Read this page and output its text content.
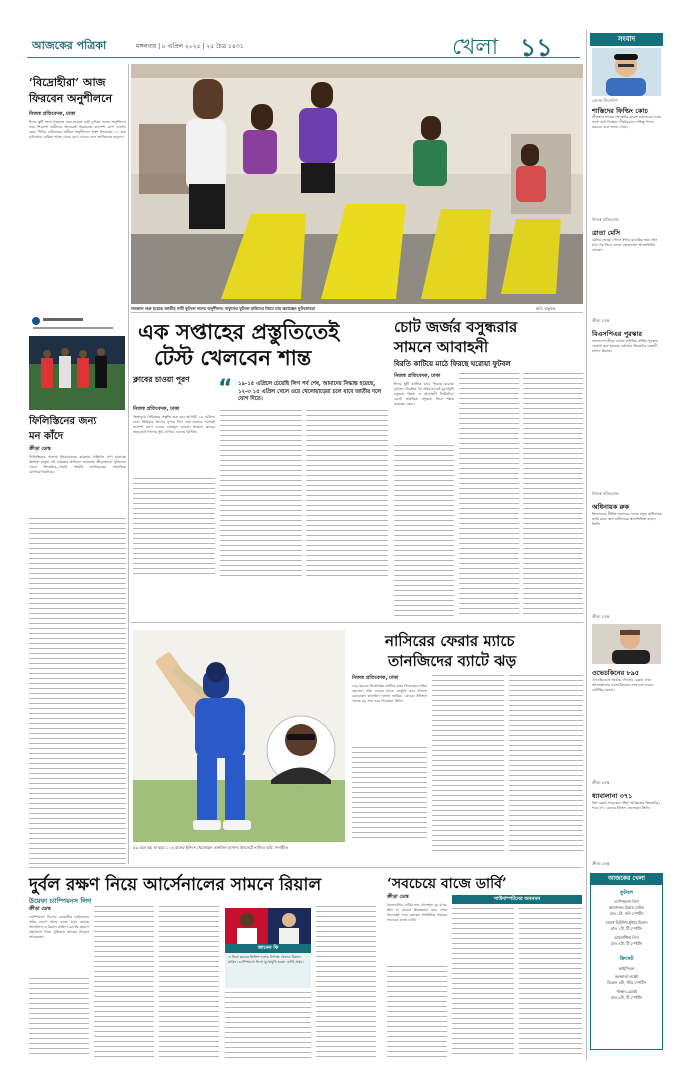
আজকের পত্রিকা	মঙ্গলবার | ৮ এপ্রিল ২০২৫ | ২৫ চৈত্র ১৪৩১	খেলা ১১
‘বিদ্রোহীরা’ আজ
ফিরবেন অনুশীলনে
নিজস্ব প্রতিবেদক, ঢাকা
ঈদের ছুটি শেষে গতকাল শুরু হয়েছে নারী ফুটবল দলের অনুশীলন। তবে শিরোপা জয়ীদের অনেকেই সময়মতো ক্যাম্পে যোগ দেননি। কোচ পিটার বাটলারের অধীনে অনুশীলনে অংশ নিয়েছেন ১৭ জন ফুটবলার। বাকিরা আজ থেকে যোগ দেবেন বলে জানিয়েছে বাফুফে।
গতকাল শুরু হয়েছে জাতীয় নারী ফুটবল দলের অনুশীলন। বাফুফের ফুটবল হাউসের জিমে ঘাম ঝরাচ্ছেন ফুটবলাররা	ছবি: বাফুফে
ফিলিস্তিনের জন্য
মন কাঁদে
ক্রীড়া ডেস্ক
ফিলিস্তিনের গাজায় ইসরায়েলের হামলায় প্রতিদিন প্রাণ হারাচ্ছে অসংখ্য মানুষ। এই বর্বরতার প্রতিবাদ জানাচ্ছে ক্রীড়াঙ্গনও। ফুটবলার থেকে ক্রিকেটার—সবাই সংহতি জানিয়েছেন সামাজিক যোগাযোগমাধ্যমে।
এক সপ্তাহের প্রস্তুতিতেই
টেস্ট খেলবেন শান্ত
ক্লাবের চাওয়া পূরণ “ ১৯-১৫ এপ্রিলে চেয়েছি লিগ পর্ব শেষ, আমাদের সিদ্ধান্ত হয়েছে, ১২-৩ ১৫ এপ্রিল খেলে ওরে খেলোয়াড়েরা চলে যাবে জাতীয় দলে যোগ দিতে।
নিজস্ব প্রতিবেদক, ঢাকা
জিম্বাবুয়ে সিরিজের প্রস্তুতি শুরু হবে আগামী ১৬ এপ্রিল। ঢাকা প্রিমিয়ার লিগের সুপার লিগ শেষ হওয়ার পরপরই ক্যাম্পে যোগ দেবেন নাজমুল হোসেন শান্তরা। ক্লাবের অনুরোধে লিগের সূচি এগিয়ে এনেছে বিসিবি।
চোট জর্জর বসুন্ধরার
সামনে আবাহনী
বিরতি কাটিয়ে মাঠে ফিরছে ঘরোয়া ফুটবল
নিজস্ব প্রতিবেদক, ঢাকা
ঈদের ছুটি কাটিয়ে মাঠে ফিরছে ঘরোয়া ফুটবল। বিরতির পর প্রথম ম্যাচেই মুখোমুখি বসুন্ধরা কিংস ও আবাহনী লিমিটেড। চোটে জর্জরিত বসুন্ধরা নিয়ে শঙ্কায় রয়েছেন কোচ।
নাসিরের ফেরার ম্যাচে
তানজিদের ব্যাটে ঝড়
৫৯ বলে ছয় বা ছয়ে ১০৩ রানের ইনিংস খেলেছেন তানজিদ হাসান। ইনসেটে নাসির। ছবি: সংগৃহীত
নিজস্ব প্রতিবেদক, ঢাকা
দেড় বছরের নিষেধাজ্ঞা কাটিয়ে মাঠে ফিরেছেন নাসির হোসেন। তাঁর ফেরার ম্যাচে সেঞ্চুরি করে আলো কেড়েছেন তানজিদ হাসান তামিম। ঝোড়ো ইনিংসে দলকে বড় জয় এনে দিয়েছেন তিনি।
দুর্বল রক্ষণ নিয়ে আর্সেনালের সামনে রিয়াল
উয়েফা চ্যাম্পিয়নস লিগ
ক্রীড়া ডেস্ক
চ্যাম্পিয়নস লিগের কোয়ার্টার ফাইনালের প্রথম লেগে আজ রাতে মাঠে নামছে আর্সেনাল ও রিয়াল মাদ্রিদ। চোটের কারণে রক্ষণভাগ নিয়ে দুশ্চিন্তায় আছেন মিকেল আরতেতা।
জানেন কি
এ নিয়ে ছয়বার ইংলিশ দলের বিপক্ষে খেলবে রিয়াল মাদ্রিদ। চ্যাম্পিয়নস লিগে মুখোমুখি হওয়া এটাই প্রথম।
‘সবচেয়ে বাজে ডার্বি’
ক্রীড়া ডেস্ক
ম্যানচেস্টার ডার্বির ফল গোলশূন্য ড্র। ম্যাচে ছিল না কোনো উত্তেজনা। ম্যাচ শেষে অনেকেই একে বলছেন সাম্প্রতিক সময়ের সবচেয়ে বাজে ডার্বি।
সাউদাম্পটনের অবনমন
সংবাদ
জেসন গিলেস্পি
শাস্তিদের ফিল্ডিং কোচ
শ্রীলঙ্কার সাবেক ক্রিকেটার রুমেশ রত্নায়েকে দলের সঙ্গে যোগ দিচ্ছেন। দীর্ঘমেয়াদে দায়িত্ব পালন করবেন বলে জানা গেছে।
নিজস্ব প্রতিবেদক
ত্রাতা মেসি
মেসির জোড়া গোলে ইন্টার মায়ামির জয়। তিন ম্যাচ পর ফিরে দলকে জেতালেন আর্জেন্টাইন তারকা।
ক্রীড়া ডেস্ক
বিএসপিএর পুরস্কার
বাংলাদেশ ক্রীড়া লেখক সমিতির বার্ষিক পুরস্কার ঘোষণা করা হয়েছে। বর্ষসেরা ক্রিকেটার মেহেদী হাসান মিরাজ।
নিজস্ব প্রতিবেদক
অধিনায়ক রুক
ইংল্যান্ডের সীমিত ওভারের দলের নতুন অধিনায়ক হ্যারি ব্রুক। জস বাটলারের স্থলাভিষিক্ত হলেন তিনি।
ক্রীড়া ডেস্ক
ওভেচকিনের ৮৯৫
এনএইচএলে সর্বোচ্চ গোলের রেকর্ড এখন আলেক্সান্ডার ওভেচকিনের। ভাঙলেন ওয়েন গ্রেটস্কির রেকর্ড।
ক্রীড়া ডেস্ক
ধ্যাবালানা ৩৭১
বিশ্ব রেকর্ড গড়েছেন দক্ষিণ আফ্রিকার ক্রিকেটার। পরে ৩৭১ রানের ইনিংস খেলেছেন তিনি।
ক্রীড়া ডেস্ক
আজকের খেলা
ফুটবল
চ্যাম্পিয়নস লিগ
আর্সেনাল-রিয়াল মাদ্রিদ
রাত ১টা, সনি স্পোর্টস
বায়ার্ন মিউনিখ-ইন্টার মিলান
রাত ১টা, টি স্পোর্টস
আর্জেন্টিনা লিগ
রাত ৪টা, টি স্পোর্টস
ক্রিকেট
আইপিএল
কলকাতা-লক্ষ্ণৌ
বিকেল ৪টা, স্টার স্পোর্টস
পাঞ্জাব-চেন্নাই
রাত ৮টা, টি স্পোর্টস
